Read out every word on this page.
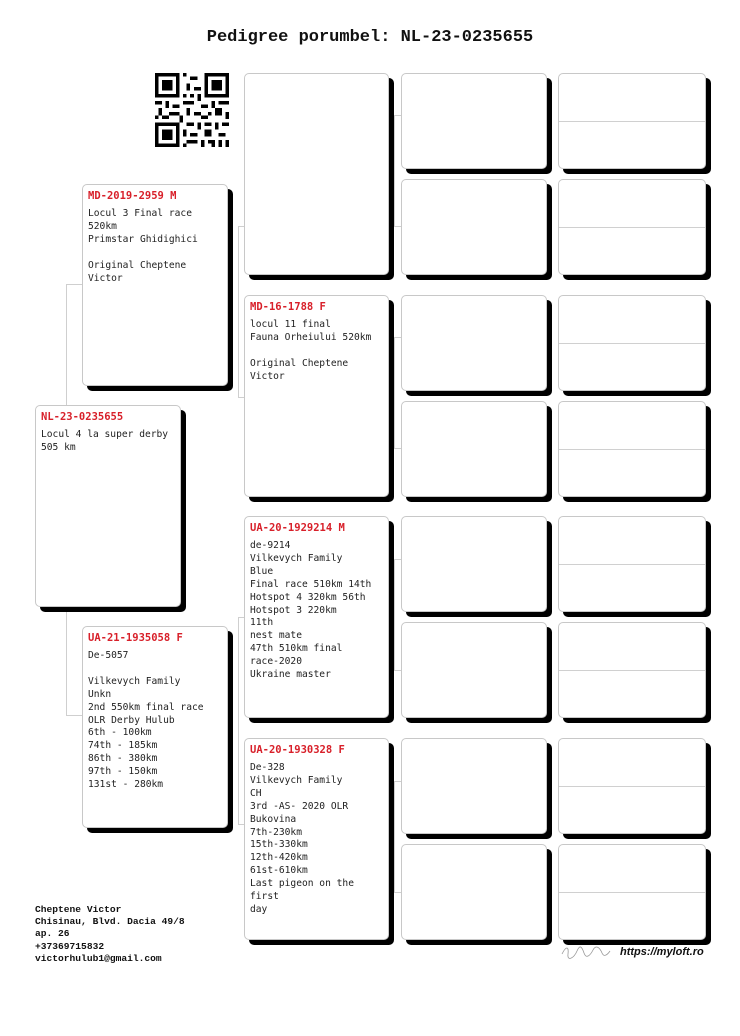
Pedigree porumbel: NL-23-0235655
NL-23-0235655
Locul 4 la super derby
505 km
MD-2019-2959 M
Locul 3 Final race 520km
Primstar Ghidighici

Original Cheptene Victor
UA-21-1935058 F
De-5057

Vilkevych Family
Unkn
2nd 550km final race
OLR Derby Hulub
6th - 100km
74th - 185km
86th - 380km
97th - 150km
131st - 280km
MD-16-1788 F
locul 11 final
Fauna Orheiului 520km

Original Cheptene Victor
UA-20-1929214 M
de-9214
Vilkevych Family
Blue
Final race 510km 14th
Hotspot 4 320km 56th
Hotspot 3 220km
11th
nest mate
47th 510km final
race-2020
Ukraine master
UA-20-1930328 F
De-328
Vilkevych Family
CH
3rd -AS- 2020 OLR
Bukovina
7th-230km
15th-330km
12th-420km
61st-610km
Last pigeon on the first
day
Cheptene Victor
Chisinau, Blvd. Dacia 49/8
ap. 26
+37369715832
victorhulub1@gmail.com
https://myloft.ro
